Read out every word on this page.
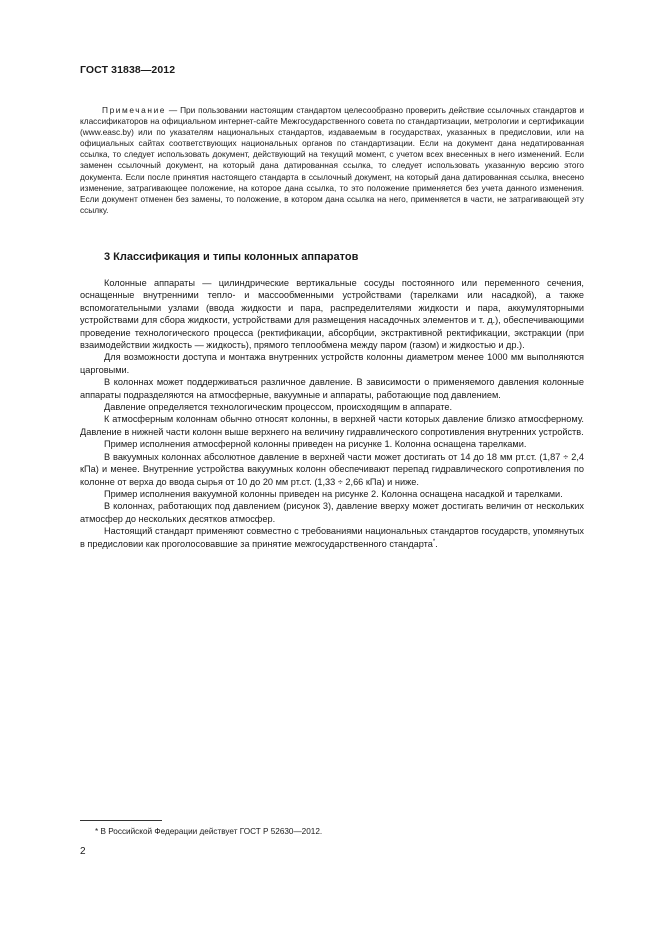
ГОСТ 31838—2012

Примечание — При пользовании настоящим стандартом целесообразно проверить действие ссылочных стандартов и классификаторов на официальном интернет-сайте Межгосударственного совета по стандартизации, метрологии и сертификации (www.easc.by) или по указателям национальных стандартов, издаваемым в государствах, указанных в предисловии, или на официальных сайтах соответствующих национальных органов по стандартизации. Если на документ дана недатированная ссылка, то следует использовать документ, действующий на текущий момент, с учетом всех внесенных в него изменений. Если заменен ссылочный документ, на который дана датированная ссылка, то следует использовать указанную версию этого документа. Если после принятия настоящего стандарта в ссылочный документ, на который дана датированная ссылка, внесено изменение, затрагивающее положение, на которое дана ссылка, то это положение применяется без учета данного изменения. Если документ отменен без замены, то положение, в котором дана ссылка на него, применяется в части, не затрагивающей эту ссылку.

3 Классификация и типы колонных аппаратов

Колонные аппараты — цилиндрические вертикальные сосуды постоянного или переменного сечения, оснащенные внутренними тепло- и массообменными устройствами (тарелками или насадкой), а также вспомогательными узлами (ввода жидкости и пара, распределителями жидкости и пара, аккумуляторными устройствами для сбора жидкости, устройствами для размещения насадочных элементов и т. д.), обеспечивающими проведение технологического процесса (ректификации, абсорбции, экстрактивной ректификации, экстракции (при взаимодействии жидкость — жидкость), прямого теплообмена между паром (газом) и жидкостью и др.).

Для возможности доступа и монтажа внутренних устройств колонны диаметром менее 1000 мм выполняются царговыми.

В колоннах может поддерживаться различное давление. В зависимости о применяемого давления колонные аппараты подразделяются на атмосферные, вакуумные и аппараты, работающие под давлением.

Давление определяется технологическим процессом, происходящим в аппарате.

К атмосферным колоннам обычно относят колонны, в верхней части которых давление близко атмосферному. Давление в нижней части колонн выше верхнего на величину гидравлического сопротивления внутренних устройств.

Пример исполнения атмосферной колонны приведен на рисунке 1. Колонна оснащена тарелками.

В вакуумных колоннах абсолютное давление в верхней части может достигать от 14 до 18 мм рт.ст. (1,87 ÷ 2,4 кПа) и менее. Внутренние устройства вакуумных колонн обеспечивают перепад гидравлического сопротивления по колонне от верха до ввода сырья от 10 до 20 мм рт.ст. (1,33 ÷ 2,66 кПа) и ниже.

Пример исполнения вакуумной колонны приведен на рисунке 2. Колонна оснащена насадкой и тарелками.

В колоннах, работающих под давлением (рисунок 3), давление вверху может достигать величин от нескольких атмосфер до нескольких десятков атмосфер.

Настоящий стандарт применяют совместно с требованиями национальных стандартов государств, упомянутых в предисловии как проголосовавшие за принятие межгосударственного стандарта*.

* В Российской Федерации действует ГОСТ Р 52630—2012.

2
